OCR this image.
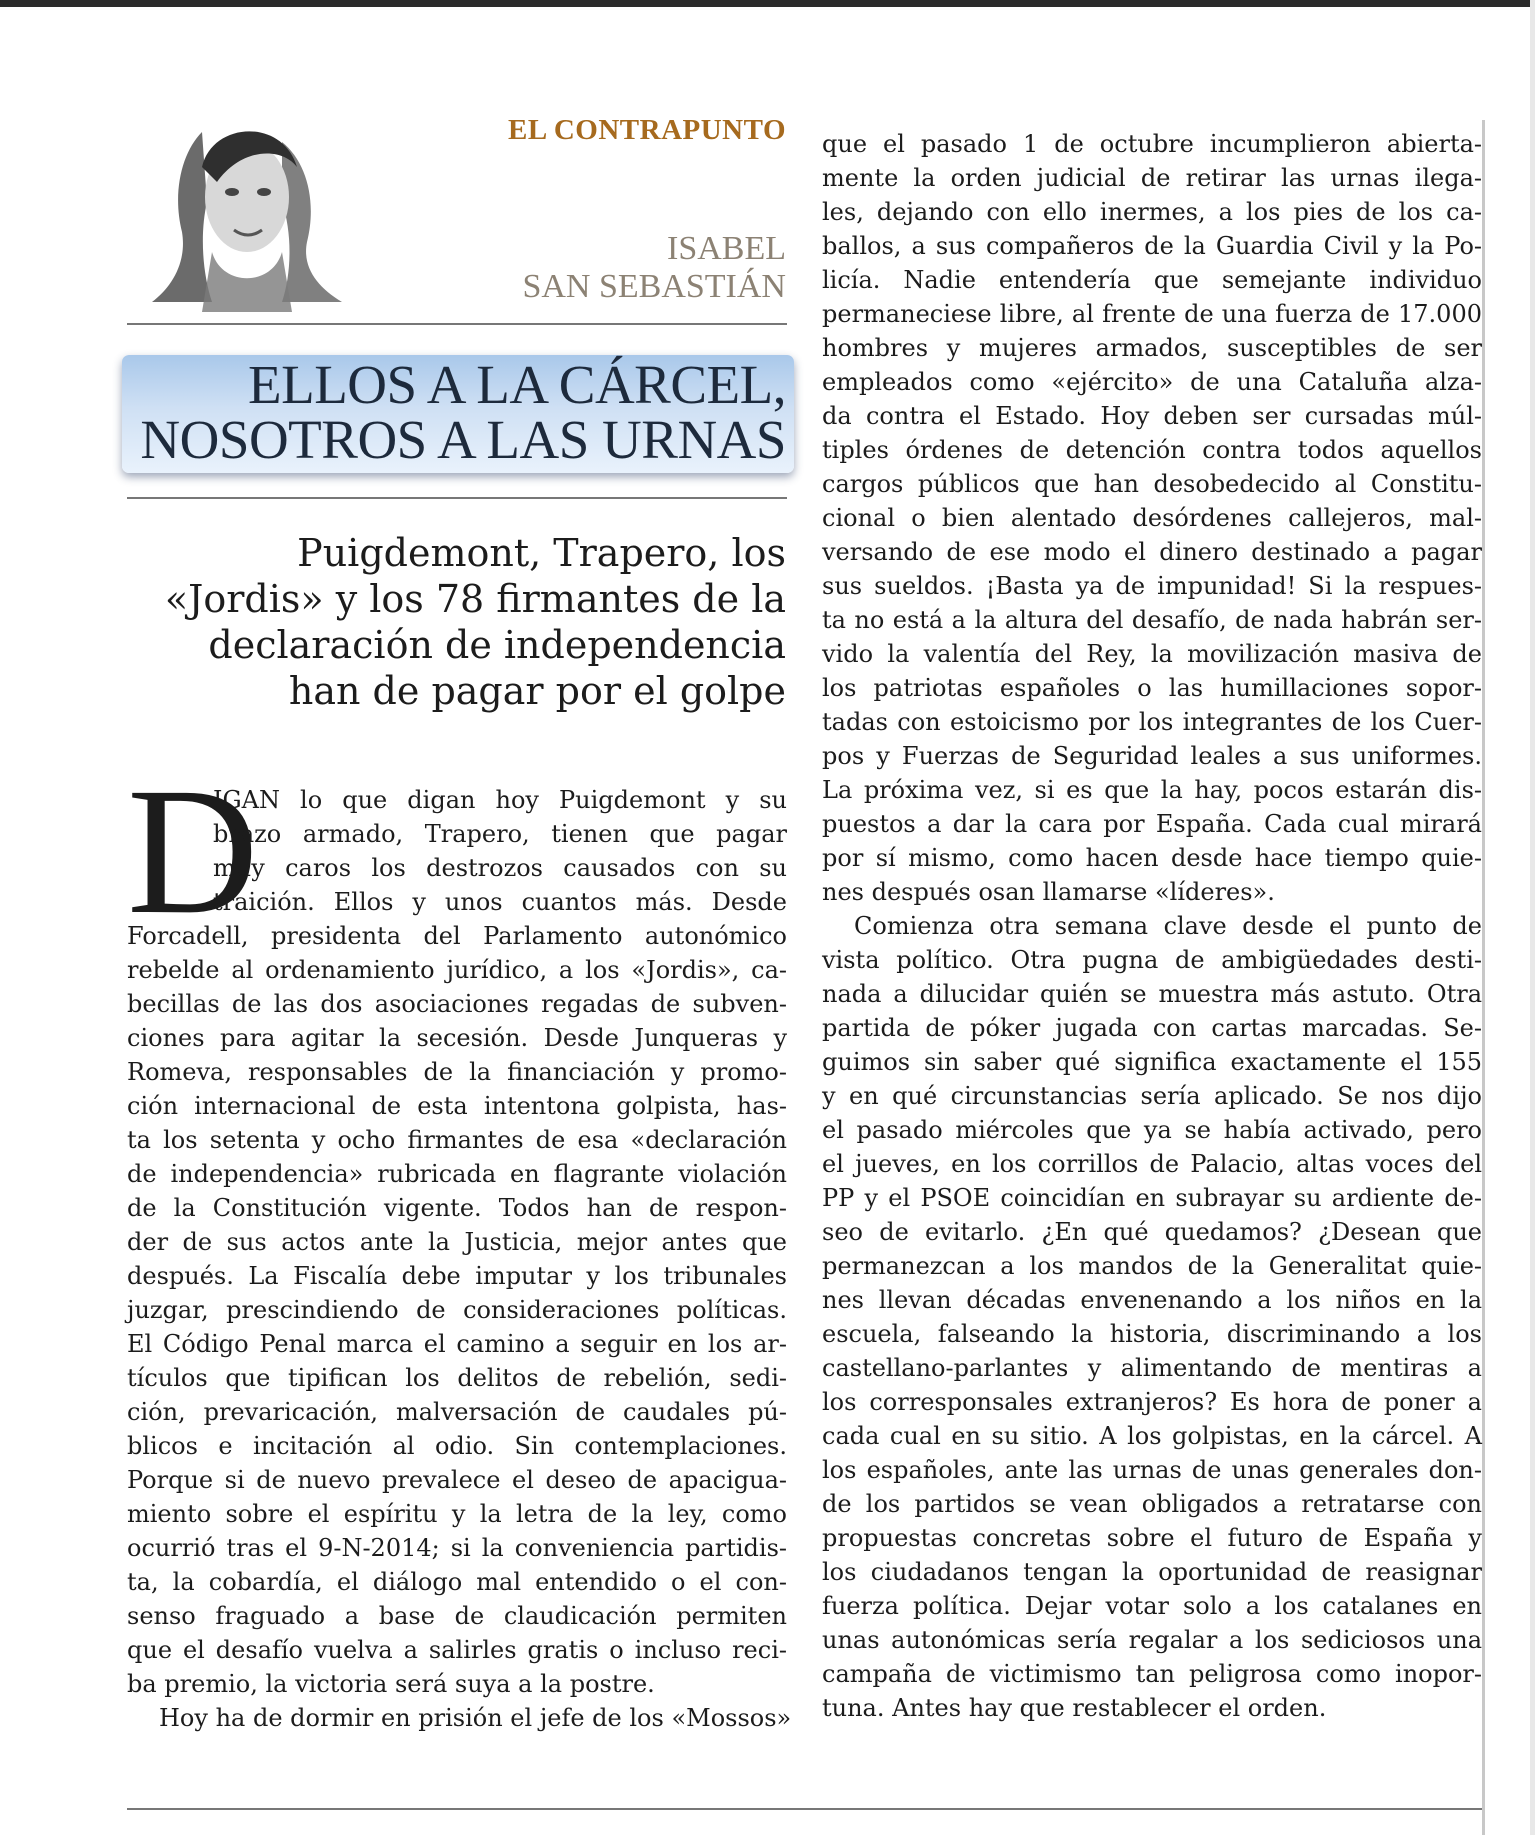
EL CONTRAPUNTO
ISABEL
SAN SEBASTIÁN
ELLOS A LA CÁRCEL,
NOSOTROS A LAS URNAS
Puigdemont, Trapero, los
«Jordis» y los 78 firmantes de la
declaración de independencia
han de pagar por el golpe
D
IGAN lo que digan hoy Puigdemont y su
brazo armado, Trapero, tienen que pagar
muy caros los destrozos causados con su
traición. Ellos y unos cuantos más. Desde
Forcadell, presidenta del Parlamento autonómico
rebelde al ordenamiento jurídico, a los «Jordis», ca-
becillas de las dos asociaciones regadas de subven-
ciones para agitar la secesión. Desde Junqueras y
Romeva, responsables de la financiación y promo-
ción internacional de esta intentona golpista, has-
ta los setenta y ocho firmantes de esa «declaración
de independencia» rubricada en flagrante violación
de la Constitución vigente. Todos han de respon-
der de sus actos ante la Justicia, mejor antes que
después. La Fiscalía debe imputar y los tribunales
juzgar, prescindiendo de consideraciones políticas.
El Código Penal marca el camino a seguir en los ar-
tículos que tipifican los delitos de rebelión, sedi-
ción, prevaricación, malversación de caudales pú-
blicos e incitación al odio. Sin contemplaciones.
Porque si de nuevo prevalece el deseo de apacigua-
miento sobre el espíritu y la letra de la ley, como
ocurrió tras el 9-N-2014; si la conveniencia partidis-
ta, la cobardía, el diálogo mal entendido o el con-
senso fraguado a base de claudicación permiten
que el desafío vuelva a salirles gratis o incluso reci-
ba premio, la victoria será suya a la postre.
Hoy ha de dormir en prisión el jefe de los «Mossos»
que el pasado 1 de octubre incumplieron abierta-
mente la orden judicial de retirar las urnas ilega-
les, dejando con ello inermes, a los pies de los ca-
ballos, a sus compañeros de la Guardia Civil y la Po-
licía. Nadie entendería que semejante individuo
permaneciese libre, al frente de una fuerza de 17.000
hombres y mujeres armados, susceptibles de ser
empleados como «ejército» de una Cataluña alza-
da contra el Estado. Hoy deben ser cursadas múl-
tiples órdenes de detención contra todos aquellos
cargos públicos que han desobedecido al Constitu-
cional o bien alentado desórdenes callejeros, mal-
versando de ese modo el dinero destinado a pagar
sus sueldos. ¡Basta ya de impunidad! Si la respues-
ta no está a la altura del desafío, de nada habrán ser-
vido la valentía del Rey, la movilización masiva de
los patriotas españoles o las humillaciones sopor-
tadas con estoicismo por los integrantes de los Cuer-
pos y Fuerzas de Seguridad leales a sus uniformes.
La próxima vez, si es que la hay, pocos estarán dis-
puestos a dar la cara por España. Cada cual mirará
por sí mismo, como hacen desde hace tiempo quie-
nes después osan llamarse «líderes».
Comienza otra semana clave desde el punto de
vista político. Otra pugna de ambigüedades desti-
nada a dilucidar quién se muestra más astuto. Otra
partida de póker jugada con cartas marcadas. Se-
guimos sin saber qué significa exactamente el 155
y en qué circunstancias sería aplicado. Se nos dijo
el pasado miércoles que ya se había activado, pero
el jueves, en los corrillos de Palacio, altas voces del
PP y el PSOE coincidían en subrayar su ardiente de-
seo de evitarlo. ¿En qué quedamos? ¿Desean que
permanezcan a los mandos de la Generalitat quie-
nes llevan décadas envenenando a los niños en la
escuela, falseando la historia, discriminando a los
castellano-parlantes y alimentando de mentiras a
los corresponsales extranjeros? Es hora de poner a
cada cual en su sitio. A los golpistas, en la cárcel. A
los españoles, ante las urnas de unas generales don-
de los partidos se vean obligados a retratarse con
propuestas concretas sobre el futuro de España y
los ciudadanos tengan la oportunidad de reasignar
fuerza política. Dejar votar solo a los catalanes en
unas autonómicas sería regalar a los sediciosos una
campaña de victimismo tan peligrosa como inopor-
tuna. Antes hay que restablecer el orden.
